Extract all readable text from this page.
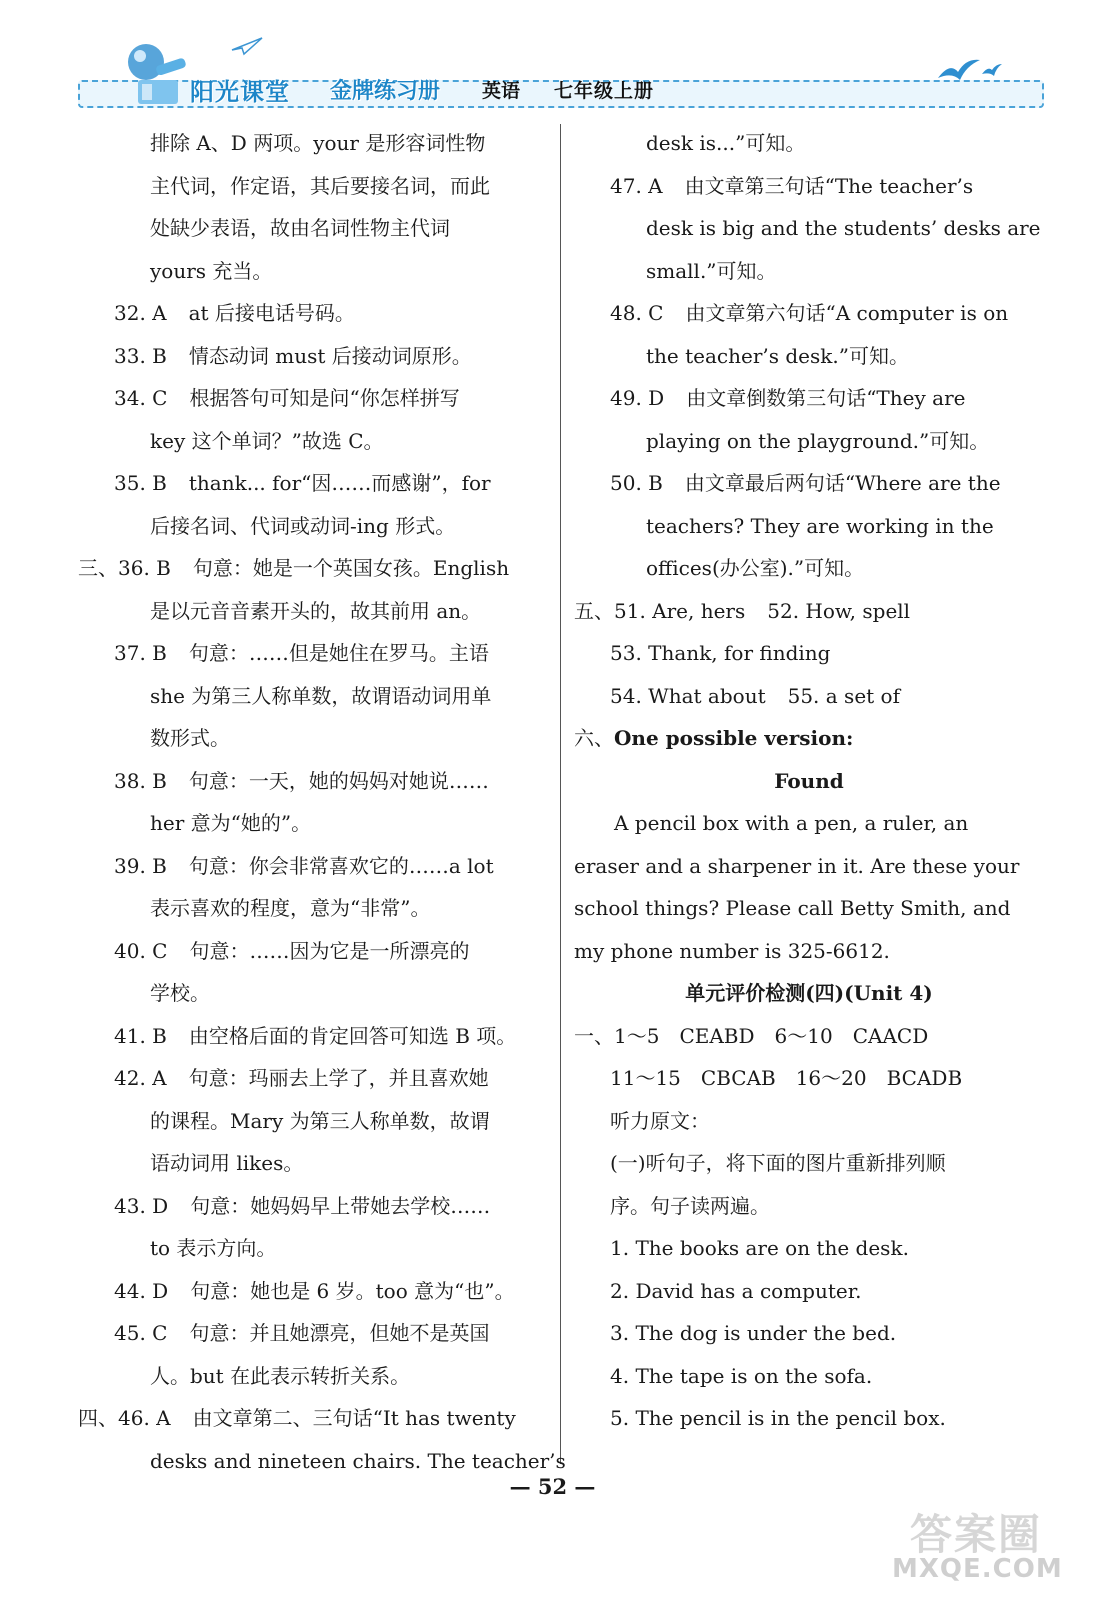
阳光课堂 金牌练习册 英语 七年级上册
排除 A、D 两项。your 是形容词性物
主代词，作定语，其后要接名词，而此
处缺少表语，故由名词性物主代词
yours 充当。
32. A at 后接电话号码。
33. B 情态动词 must 后接动词原形。
34. C 根据答句可知是问“你怎样拼写
key 这个单词？”故选 C。
35. B thank... for“因……而感谢”，for
后接名词、代词或动词-ing 形式。
三、36. B 句意：她是一个英国女孩。English
是以元音音素开头的，故其前用 an。
37. B 句意：……但是她住在罗马。主语
she 为第三人称单数，故谓语动词用单
数形式。
38. B 句意：一天，她的妈妈对她说……
her 意为“她的”。
39. B 句意：你会非常喜欢它的……a lot
表示喜欢的程度，意为“非常”。
40. C 句意：……因为它是一所漂亮的
学校。
41. B 由空格后面的肯定回答可知选 B 项。
42. A 句意：玛丽去上学了，并且喜欢她
的课程。Mary 为第三人称单数，故谓
语动词用 likes。
43. D 句意：她妈妈早上带她去学校……
to 表示方向。
44. D 句意：她也是 6 岁。too 意为“也”。
45. C 句意：并且她漂亮，但她不是英国
人。but 在此表示转折关系。
四、46. A 由文章第二、三句话“It has twenty
desks and nineteen chairs. The teacher’s
desk is...”可知。
47. A 由文章第三句话“The teacher’s
desk is big and the students’ desks are
small.”可知。
48. C 由文章第六句话“A computer is on
the teacher’s desk.”可知。
49. D 由文章倒数第三句话“They are
playing on the playground.”可知。
50. B 由文章最后两句话“Where are the
teachers? They are working in the
offices(办公室).”可知。
五、51. Are, hers 52. How, spell
53. Thank, for finding
54. What about 55. a set of
六、One possible version:
Found
A pencil box with a pen, a ruler, an
eraser and a sharpener in it. Are these your
school things? Please call Betty Smith, and
my phone number is 325-6612.
单元评价检测(四)(Unit 4)
一、1～5　CEABD　6～10　CAACD
11～15　CBCAB　16～20　BCADB
听力原文：
(一)听句子，将下面的图片重新排列顺
序。句子读两遍。
1. The books are on the desk.
2. David has a computer.
3. The dog is under the bed.
4. The tape is on the sofa.
5. The pencil is in the pencil box.
— 52 —
答案圈
MXQE.COM
